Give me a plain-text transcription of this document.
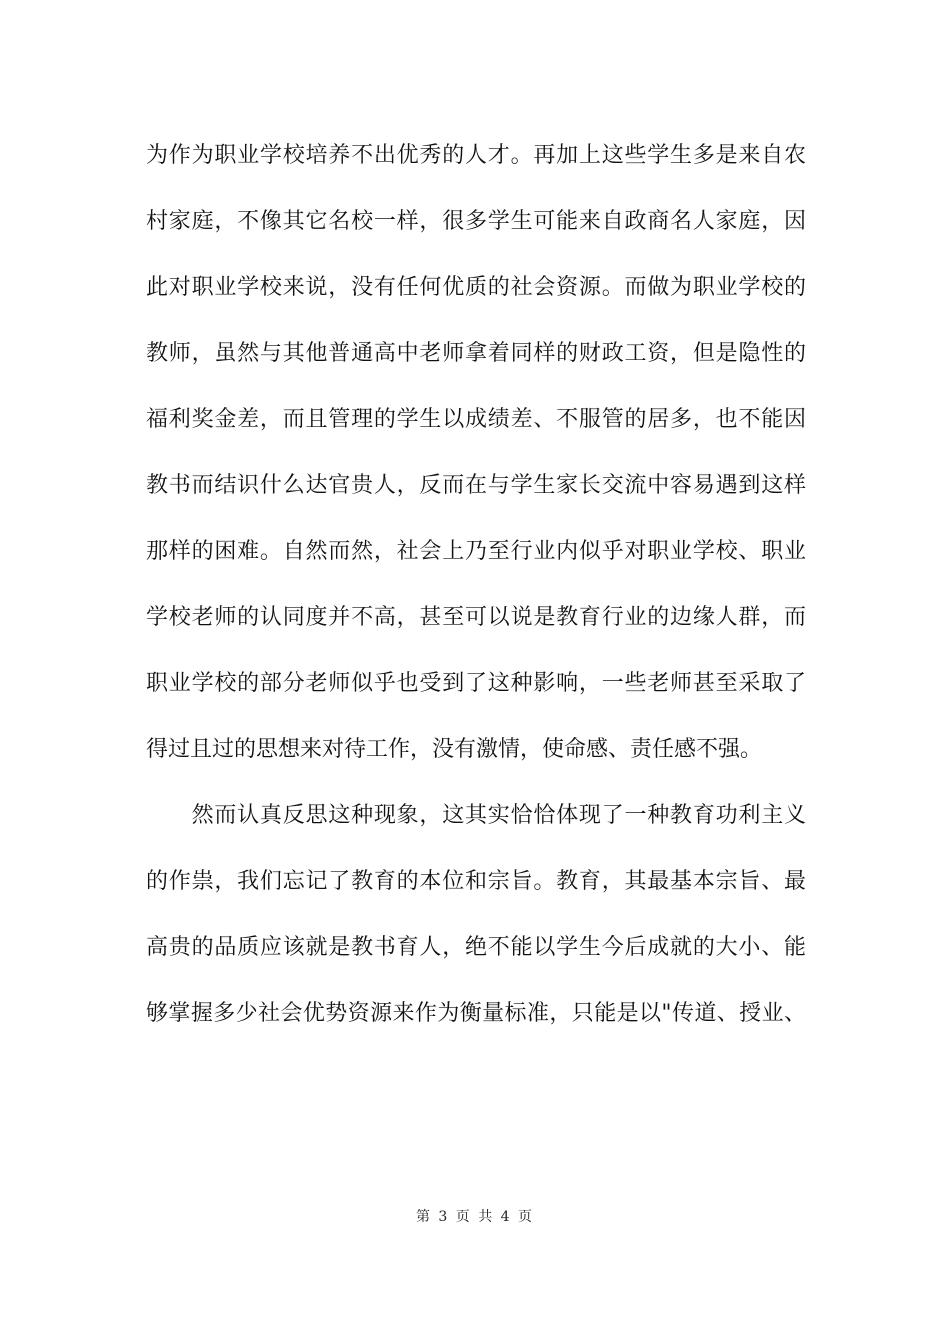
为作为职业学校培养不出优秀的人才。再加上这些学生多是来自农
村家庭，不像其它名校一样，很多学生可能来自政商名人家庭，因
此对职业学校来说，没有任何优质的社会资源。而做为职业学校的
教师，虽然与其他普通高中老师拿着同样的财政工资，但是隐性的
福利奖金差，而且管理的学生以成绩差、不服管的居多，也不能因
教书而结识什么达官贵人，反而在与学生家长交流中容易遇到这样
那样的困难。自然而然，社会上乃至行业内似乎对职业学校、职业
学校老师的认同度并不高，甚至可以说是教育行业的边缘人群，而
职业学校的部分老师似乎也受到了这种影响，一些老师甚至采取了
得过且过的思想来对待工作，没有激情，使命感、责任感不强。
　　然而认真反思这种现象，这其实恰恰体现了一种教育功利主义
的作祟，我们忘记了教育的本位和宗旨。教育，其最基本宗旨、最
高贵的品质应该就是教书育人，绝不能以学生今后成就的大小、能
够掌握多少社会优势资源来作为衡量标准，只能是以"传道、授业、
第 3 页 共 4 页
